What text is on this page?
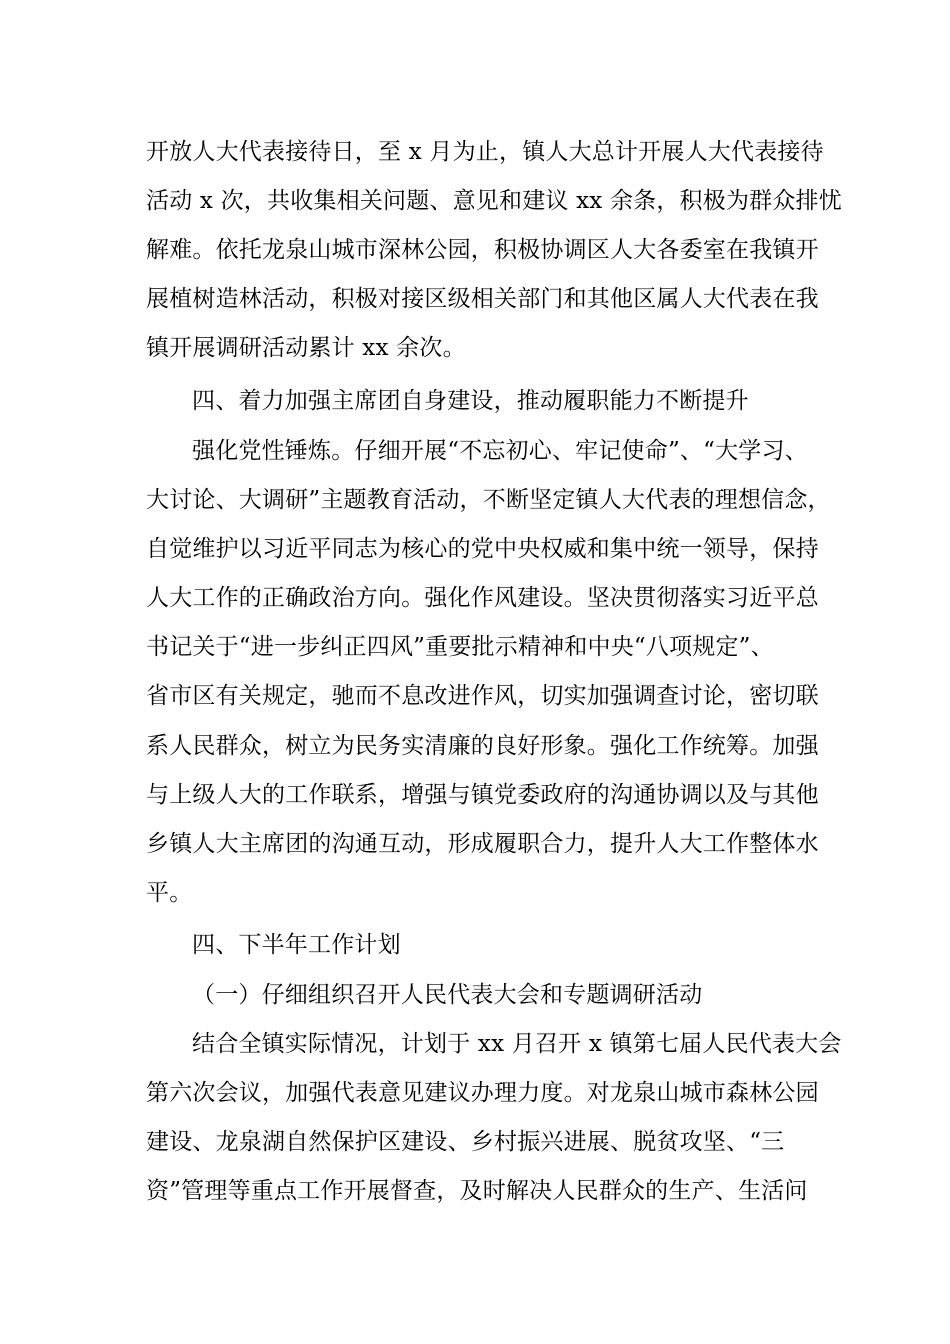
开放人大代表接待日，至 x 月为止，镇人大总计开展人大代表接待
活动 x 次，共收集相关问题、意见和建议 xx 余条，积极为群众排忧
解难。依托龙泉山城市深林公园，积极协调区人大各委室在我镇开
展植树造林活动，积极对接区级相关部门和其他区属人大代表在我
镇开展调研活动累计 xx 余次。
四、着力加强主席团自身建设，推动履职能力不断提升
强化党性锤炼。仔细开展“不忘初心、牢记使命”、“大学习、
大讨论、大调研”主题教育活动，不断坚定镇人大代表的理想信念，
自觉维护以习近平同志为核心的党中央权威和集中统一领导，保持
人大工作的正确政治方向。强化作风建设。坚决贯彻落实习近平总
书记关于“进一步纠正四风”重要批示精神和中央“八项规定”、
省市区有关规定，驰而不息改进作风，切实加强调查讨论，密切联
系人民群众，树立为民务实清廉的良好形象。强化工作统筹。加强
与上级人大的工作联系，增强与镇党委政府的沟通协调以及与其他
乡镇人大主席团的沟通互动，形成履职合力，提升人大工作整体水
平。
四、下半年工作计划
（一）仔细组织召开人民代表大会和专题调研活动
结合全镇实际情况，计划于 xx 月召开 x 镇第七届人民代表大会
第六次会议，加强代表意见建议办理力度。对龙泉山城市森林公园
建设、龙泉湖自然保护区建设、乡村振兴进展、脱贫攻坚、“三
资”管理等重点工作开展督查，及时解决人民群众的生产、生活问
